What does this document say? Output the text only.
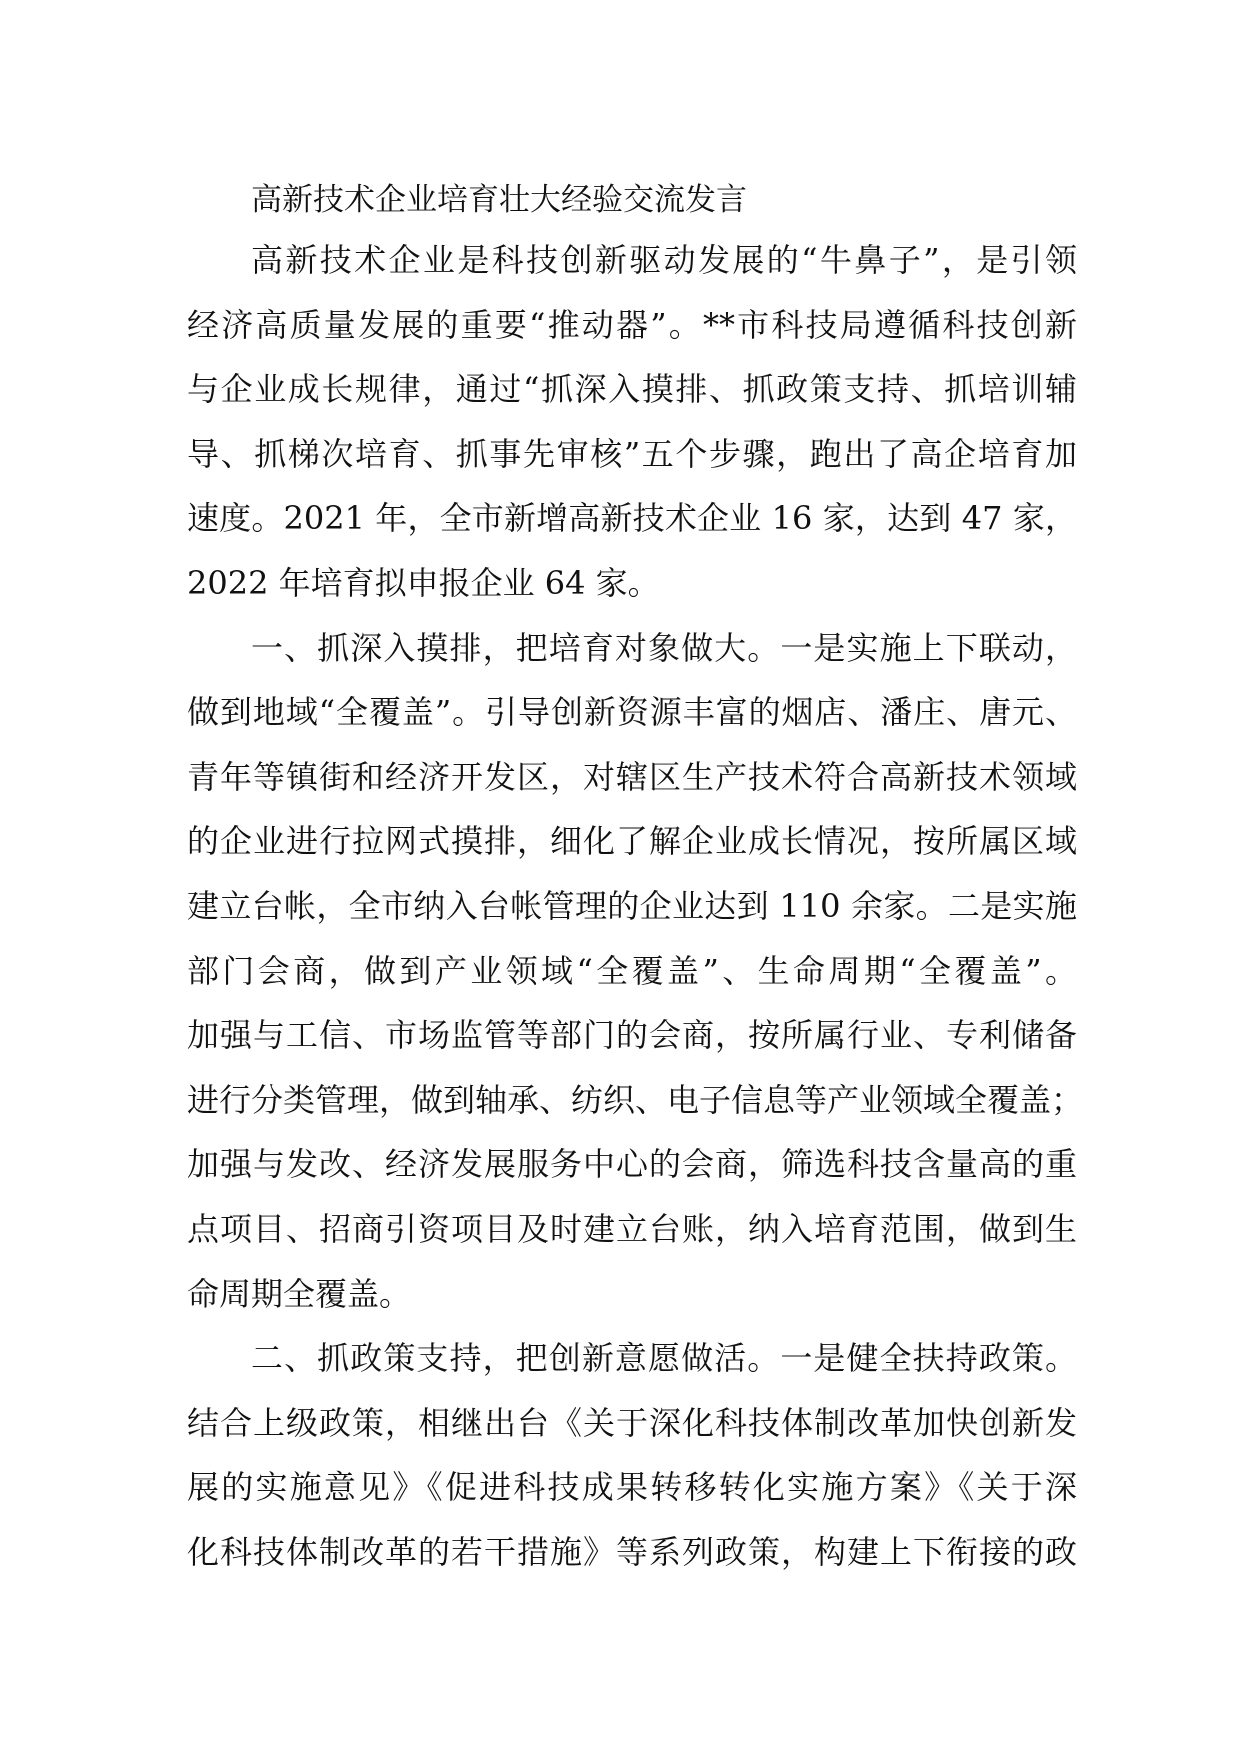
高新技术企业培育壮大经验交流发言

高新技术企业是科技创新驱动发展的“牛鼻子”，是引领

经济高质量发展的重要“推动器”。**市科技局遵循科技创新

与企业成长规律，通过“抓深入摸排、抓政策支持、抓培训辅

导、抓梯次培育、抓事先审核”五个步骤，跑出了高企培育加

速度。2021 年，全市新增高新技术企业 16 家，达到 47 家，

2022 年培育拟申报企业 64 家。

一、抓深入摸排，把培育对象做大。一是实施上下联动，

做到地域“全覆盖”。引导创新资源丰富的烟店、潘庄、唐元、

青年等镇街和经济开发区，对辖区生产技术符合高新技术领域

的企业进行拉网式摸排，细化了解企业成长情况，按所属区域

建立台帐，全市纳入台帐管理的企业达到 110 余家。二是实施

部门会商，做到产业领域“全覆盖”、生命周期“全覆盖”。

加强与工信、市场监管等部门的会商，按所属行业、专利储备

进行分类管理，做到轴承、纺织、电子信息等产业领域全覆盖；

加强与发改、经济发展服务中心的会商，筛选科技含量高的重

点项目、招商引资项目及时建立台账，纳入培育范围，做到生

命周期全覆盖。

二、抓政策支持，把创新意愿做活。一是健全扶持政策。

结合上级政策，相继出台《关于深化科技体制改革加快创新发

展的实施意见》《促进科技成果转移转化实施方案》《关于深

化科技体制改革的若干措施》等系列政策，构建上下衔接的政
